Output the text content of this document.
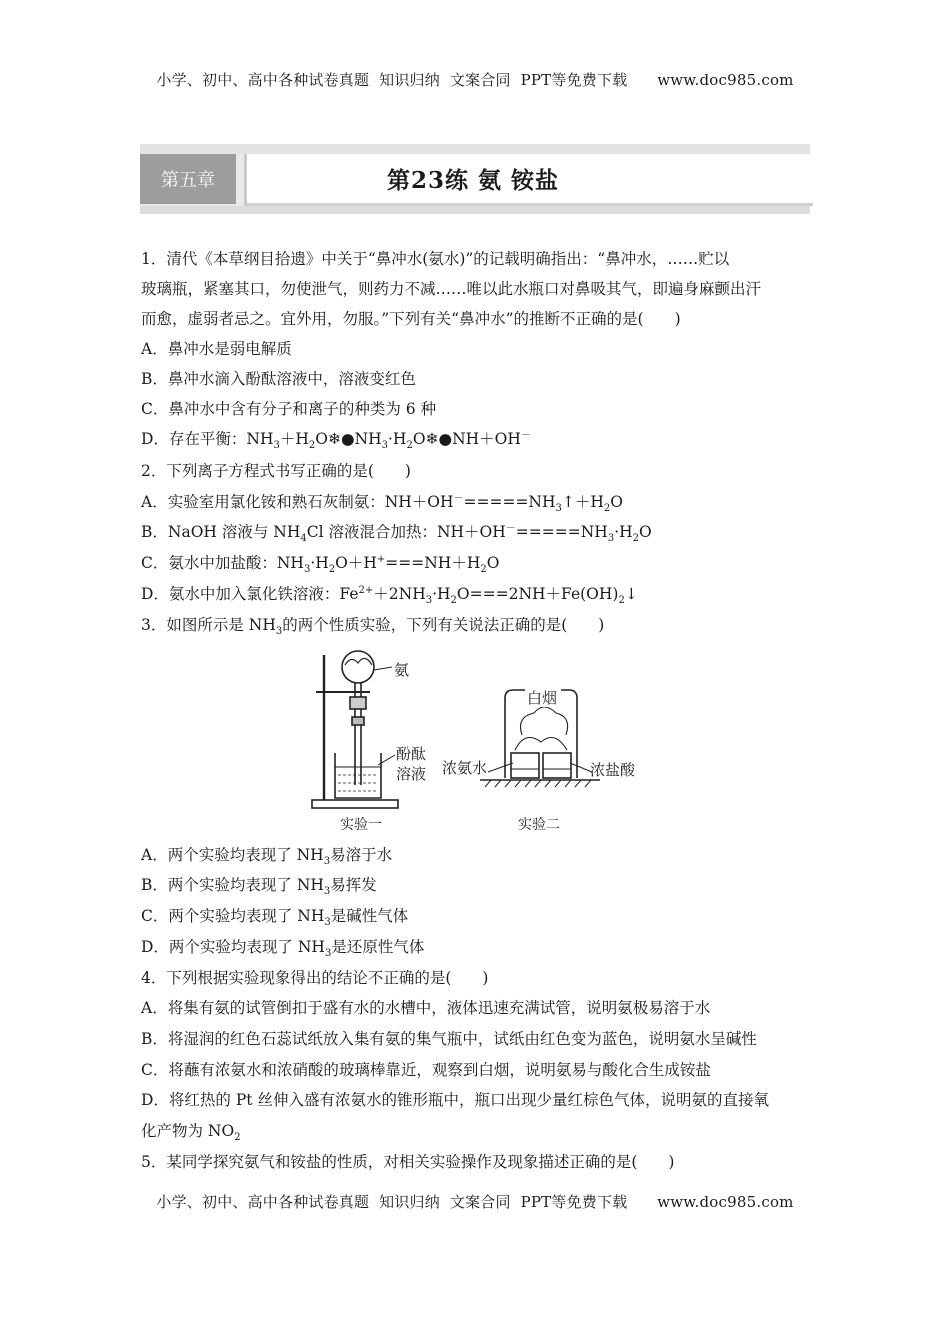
小学、初中、高中各种试卷真题  知识归纳  文案合同  PPT等免费下载      www.doc985.com
第五章	第23练 氨 铵盐
1．清代《本草纲目拾遗》中关于“鼻冲水(氨水)”的记载明确指出：“鼻冲水，……贮以
玻璃瓶，紧塞其口，勿使泄气，则药力不减……唯以此水瓶口对鼻吸其气，即遍身麻颤出汗
而愈，虚弱者忌之。宜外用，勿服。”下列有关“鼻冲水”的推断不正确的是(　　)
A．鼻冲水是弱电解质
B．鼻冲水滴入酚酞溶液中，溶液变红色
C．鼻冲水中含有分子和离子的种类为 6 种
D．存在平衡：$NH_3+H_2O❄●NH_3\cdot H_2O❄●NH+OH^-$
2．下列离子方程式书写正确的是(　　)
A．实验室用氯化铵和熟石灰制氨：$NH+OH^-=====NH_3↑+H_2O$
B．NaOH 溶液与 $NH_4Cl$ 溶液混合加热：$NH+OH^-=====NH_3\cdot H_2O$
C．氨水中加盐酸：$NH_3\cdot H_2O+H^+===NH+H_2O$
D．氨水中加入氯化铁溶液：$Fe^{2+}+2NH_3\cdot H_2O===2NH+Fe(OH)_2↓$
3．如图所示是 $NH_3$的两个性质实验，下列有关说法正确的是(　　)
氨
酚酞
溶液
实验一
白烟
浓氨水	浓盐酸
实验二
A．两个实验均表现了 $NH_3$易溶于水
B．两个实验均表现了 $NH_3$易挥发
C．两个实验均表现了 $NH_3$是碱性气体
D．两个实验均表现了 $NH_3$是还原性气体
4．下列根据实验现象得出的结论不正确的是(　　)
A．将集有氨的试管倒扣于盛有水的水槽中，液体迅速充满试管，说明氨极易溶于水
B．将湿润的红色石蕊试纸放入集有氨的集气瓶中，试纸由红色变为蓝色，说明氨水呈碱性
C．将蘸有浓氨水和浓硝酸的玻璃棒靠近，观察到白烟，说明氨易与酸化合生成铵盐
D．将红热的 Pt 丝伸入盛有浓氨水的锥形瓶中，瓶口出现少量红棕色气体，说明氨的直接氧
化产物为 $NO_2$
5．某同学探究氨气和铵盐的性质，对相关实验操作及现象描述正确的是(　　)
小学、初中、高中各种试卷真题  知识归纳  文案合同  PPT等免费下载      www.doc985.com
